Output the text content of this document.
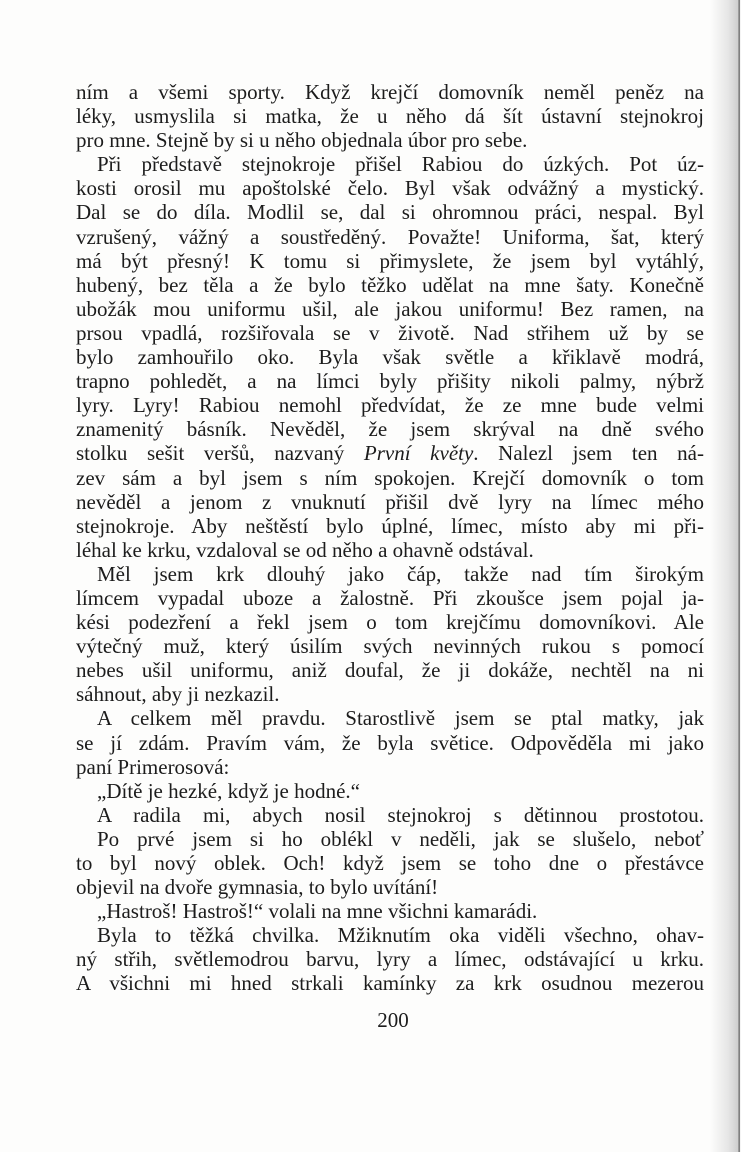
ním a všemi sporty. Když krejčí domovník neměl peněz na
léky, usmyslila si matka, že u něho dá šít ústavní stejnokroj
pro mne. Stejně by si u něho objednala úbor pro sebe.
Při představě stejnokroje přišel Rabiou do úzkých. Pot úz-
kosti orosil mu apoštolské čelo. Byl však odvážný a mystický.
Dal se do díla. Modlil se, dal si ohromnou práci, nespal. Byl
vzrušený, vážný a soustředěný. Považte! Uniforma, šat, který
má být přesný! K tomu si přimyslete, že jsem byl vytáhlý,
hubený, bez těla a že bylo těžko udělat na mne šaty. Konečně
ubožák mou uniformu ušil, ale jakou uniformu! Bez ramen, na
prsou vpadlá, rozšiřovala se v životě. Nad střihem už by se
bylo zamhouřilo oko. Byla však světle a křiklavě modrá,
trapno pohledět, a na límci byly přišity nikoli palmy, nýbrž
lyry. Lyry! Rabiou nemohl předvídat, že ze mne bude velmi
znamenitý básník. Nevěděl, že jsem skrýval na dně svého
stolku sešit veršů, nazvaný První květy. Nalezl jsem ten ná-
zev sám a byl jsem s ním spokojen. Krejčí domovník o tom
nevěděl a jenom z vnuknutí přišil dvě lyry na límec mého
stejnokroje. Aby neštěstí bylo úplné, límec, místo aby mi při-
léhal ke krku, vzdaloval se od něho a ohavně odstával.
Měl jsem krk dlouhý jako čáp, takže nad tím širokým
límcem vypadal uboze a žalostně. Při zkoušce jsem pojal ja-
kési podezření a řekl jsem o tom krejčímu domovníkovi. Ale
výtečný muž, který úsilím svých nevinných rukou s pomocí
nebes ušil uniformu, aniž doufal, že ji dokáže, nechtěl na ni
sáhnout, aby ji nezkazil.
A celkem měl pravdu. Starostlivě jsem se ptal matky, jak
se jí zdám. Pravím vám, že byla světice. Odpověděla mi jako
paní Primerosová:
„Dítě je hezké, když je hodné.“
A radila mi, abych nosil stejnokroj s dětinnou prostotou.
Po prvé jsem si ho oblékl v neděli, jak se slušelo, neboť
to byl nový oblek. Och! když jsem se toho dne o přestávce
objevil na dvoře gymnasia, to bylo uvítání!
„Hastroš! Hastroš!“ volali na mne všichni kamarádi.
Byla to těžká chvilka. Mžiknutím oka viděli všechno, ohav-
ný střih, světlemodrou barvu, lyry a límec, odstávající u krku.
A všichni mi hned strkali kamínky za krk osudnou mezerou
200
